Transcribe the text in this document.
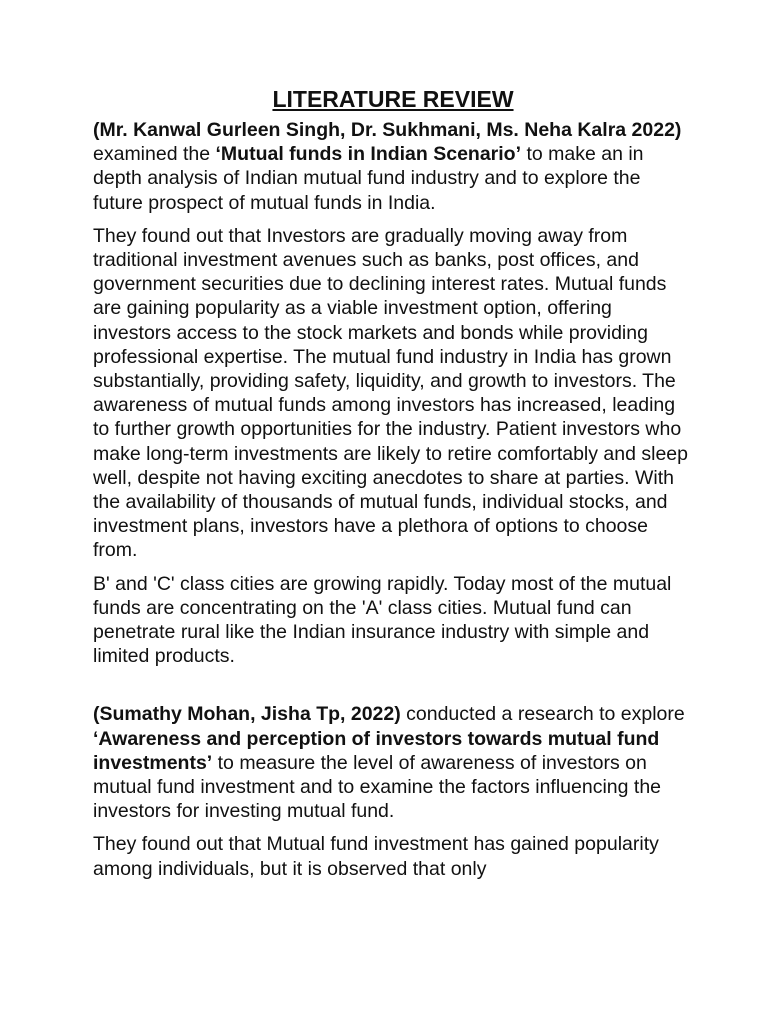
LITERATURE REVIEW

(Mr. Kanwal Gurleen Singh, Dr. Sukhmani, Ms. Neha Kalra 2022) examined the ‘Mutual funds in Indian Scenario’ to make an in depth analysis of Indian mutual fund industry and to explore the future prospect of mutual funds in India.

They found out that Investors are gradually moving away from traditional investment avenues such as banks, post offices, and government securities due to declining interest rates. Mutual funds are gaining popularity as a viable investment option, offering investors access to the stock markets and bonds while providing professional expertise. The mutual fund industry in India has grown substantially, providing safety, liquidity, and growth to investors. The awareness of mutual funds among investors has increased, leading to further growth opportunities for the industry. Patient investors who make long-term investments are likely to retire comfortably and sleep well, despite not having exciting anecdotes to share at parties. With the availability of thousands of mutual funds, individual stocks, and investment plans, investors have a plethora of options to choose from.

B' and 'C' class cities are growing rapidly. Today most of the mutual funds are concentrating on the 'A' class cities. Mutual fund can penetrate rural like the Indian insurance industry with simple and limited products.

(Sumathy Mohan, Jisha Tp, 2022) conducted a research to explore ‘Awareness and perception of investors towards mutual fund investments’ to measure the level of awareness of investors on mutual fund investment and to examine the factors influencing the investors for investing mutual fund.

They found out that Mutual fund investment has gained popularity among individuals, but it is observed that only
